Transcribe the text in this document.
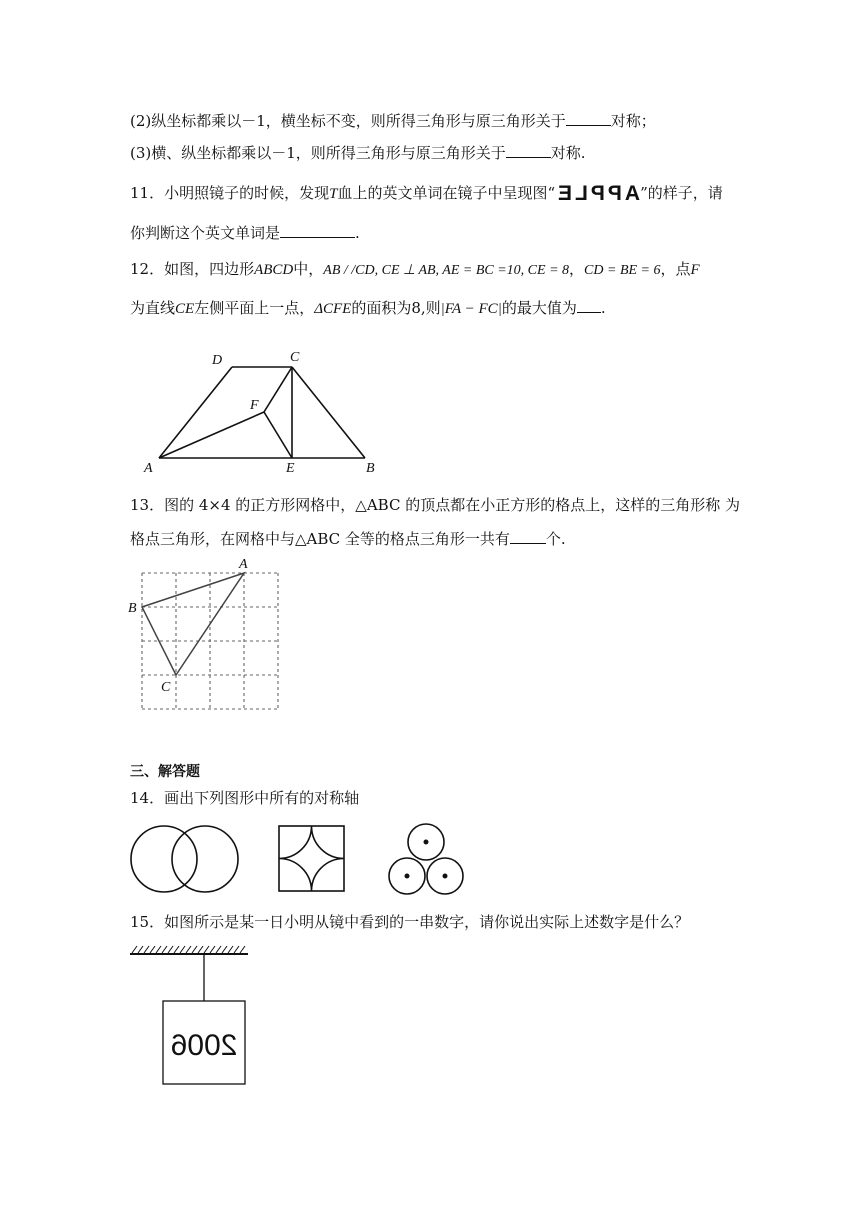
(2)纵坐标都乘以－1，横坐标不变，则所得三角形与原三角形关于	对称；
(3)横、纵坐标都乘以－1，则所得三角形与原三角形关于	对称.
11．小明照镜子的时候，发现T血上的英文单词在镜子中呈现图“APPLE”的样子，请
你判断这个英文单词是	.
12．如图，四边形ABCD中，AB / /CD, CE ⊥ AB, AE = BC =10, CE = 8，CD = BE = 6，点F
为直线CE左侧平面上一点，ΔCFE的面积为8,则|FA − FC|的最大值为 .
A	B
C
D
E
F
13．图的 4×4 的正方形网格中，△ABC 的顶点都在小正方形的格点上，这样的三角形称 为
格点三角形，在网格中与△ABC 全等的格点三角形一共有 个.
A
B
C
三、解答题
14．画出下列图形中所有的对称轴
15．如图所示是某一日小明从镜中看到的一串数字，请你说出实际上述数字是什么？
2006
